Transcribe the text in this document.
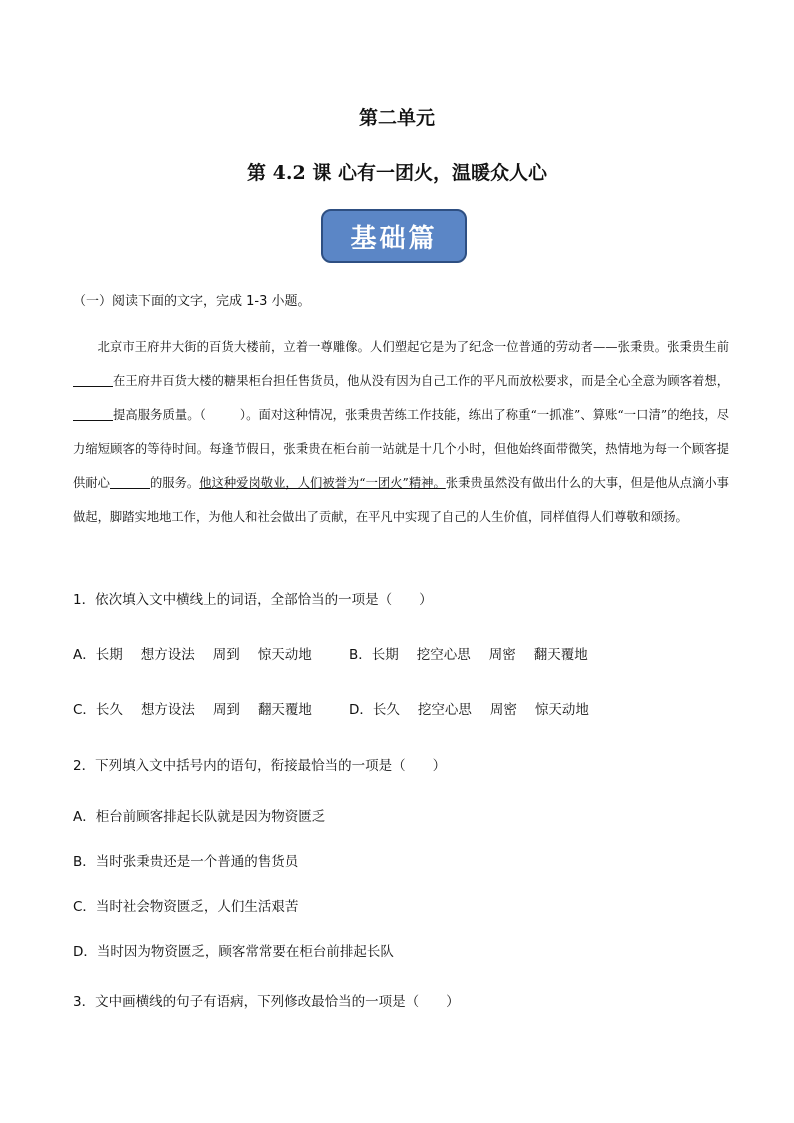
第二单元
第 4.2 课 心有一团火，温暖众人心
基础篇
（一）阅读下面的文字，完成 1-3 小题。

北京市王府井大街的百货大楼前，立着一尊雕像。人们塑起它是为了纪念一位普通的劳动者——张秉贵。张秉贵生前在王府井百货大楼的糖果柜台担任售货员，他从没有因为自己工作的平凡而放松要求，而是全心全意为顾客着想，提高服务质量。（	）。面对这种情况，张秉贵苦练工作技能，练出了称重“一抓准”、算账“一口清”的绝技，尽力缩短顾客的等待时间。每逢节假日，张秉贵在柜台前一站就是十几个小时，但他始终面带微笑，热情地为每一个顾客提供耐心	的服务。他这种爱岗敬业，人们被誉为“一团火”精神。张秉贵虽然没有做出什么的大事，但是他从点滴小事做起，脚踏实地地工作，为他人和社会做出了贡献，在平凡中实现了自己的人生价值，同样值得人们尊敬和颂扬。

1．依次填入文中横线上的词语，全部恰当的一项是（　　）
A．长期 想方设法 周到 惊天动地	B．长期 挖空心思 周密 翻天覆地
C．长久 想方设法 周到 翻天覆地	D．长久 挖空心思 周密 惊天动地
2．下列填入文中括号内的语句，衔接最恰当的一项是（　　）
A．柜台前顾客排起长队就是因为物资匮乏
B．当时张秉贵还是一个普通的售货员
C．当时社会物资匮乏，人们生活艰苦
D．当时因为物资匮乏，顾客常常要在柜台前排起长队
3．文中画横线的句子有语病，下列修改最恰当的一项是（　　）
